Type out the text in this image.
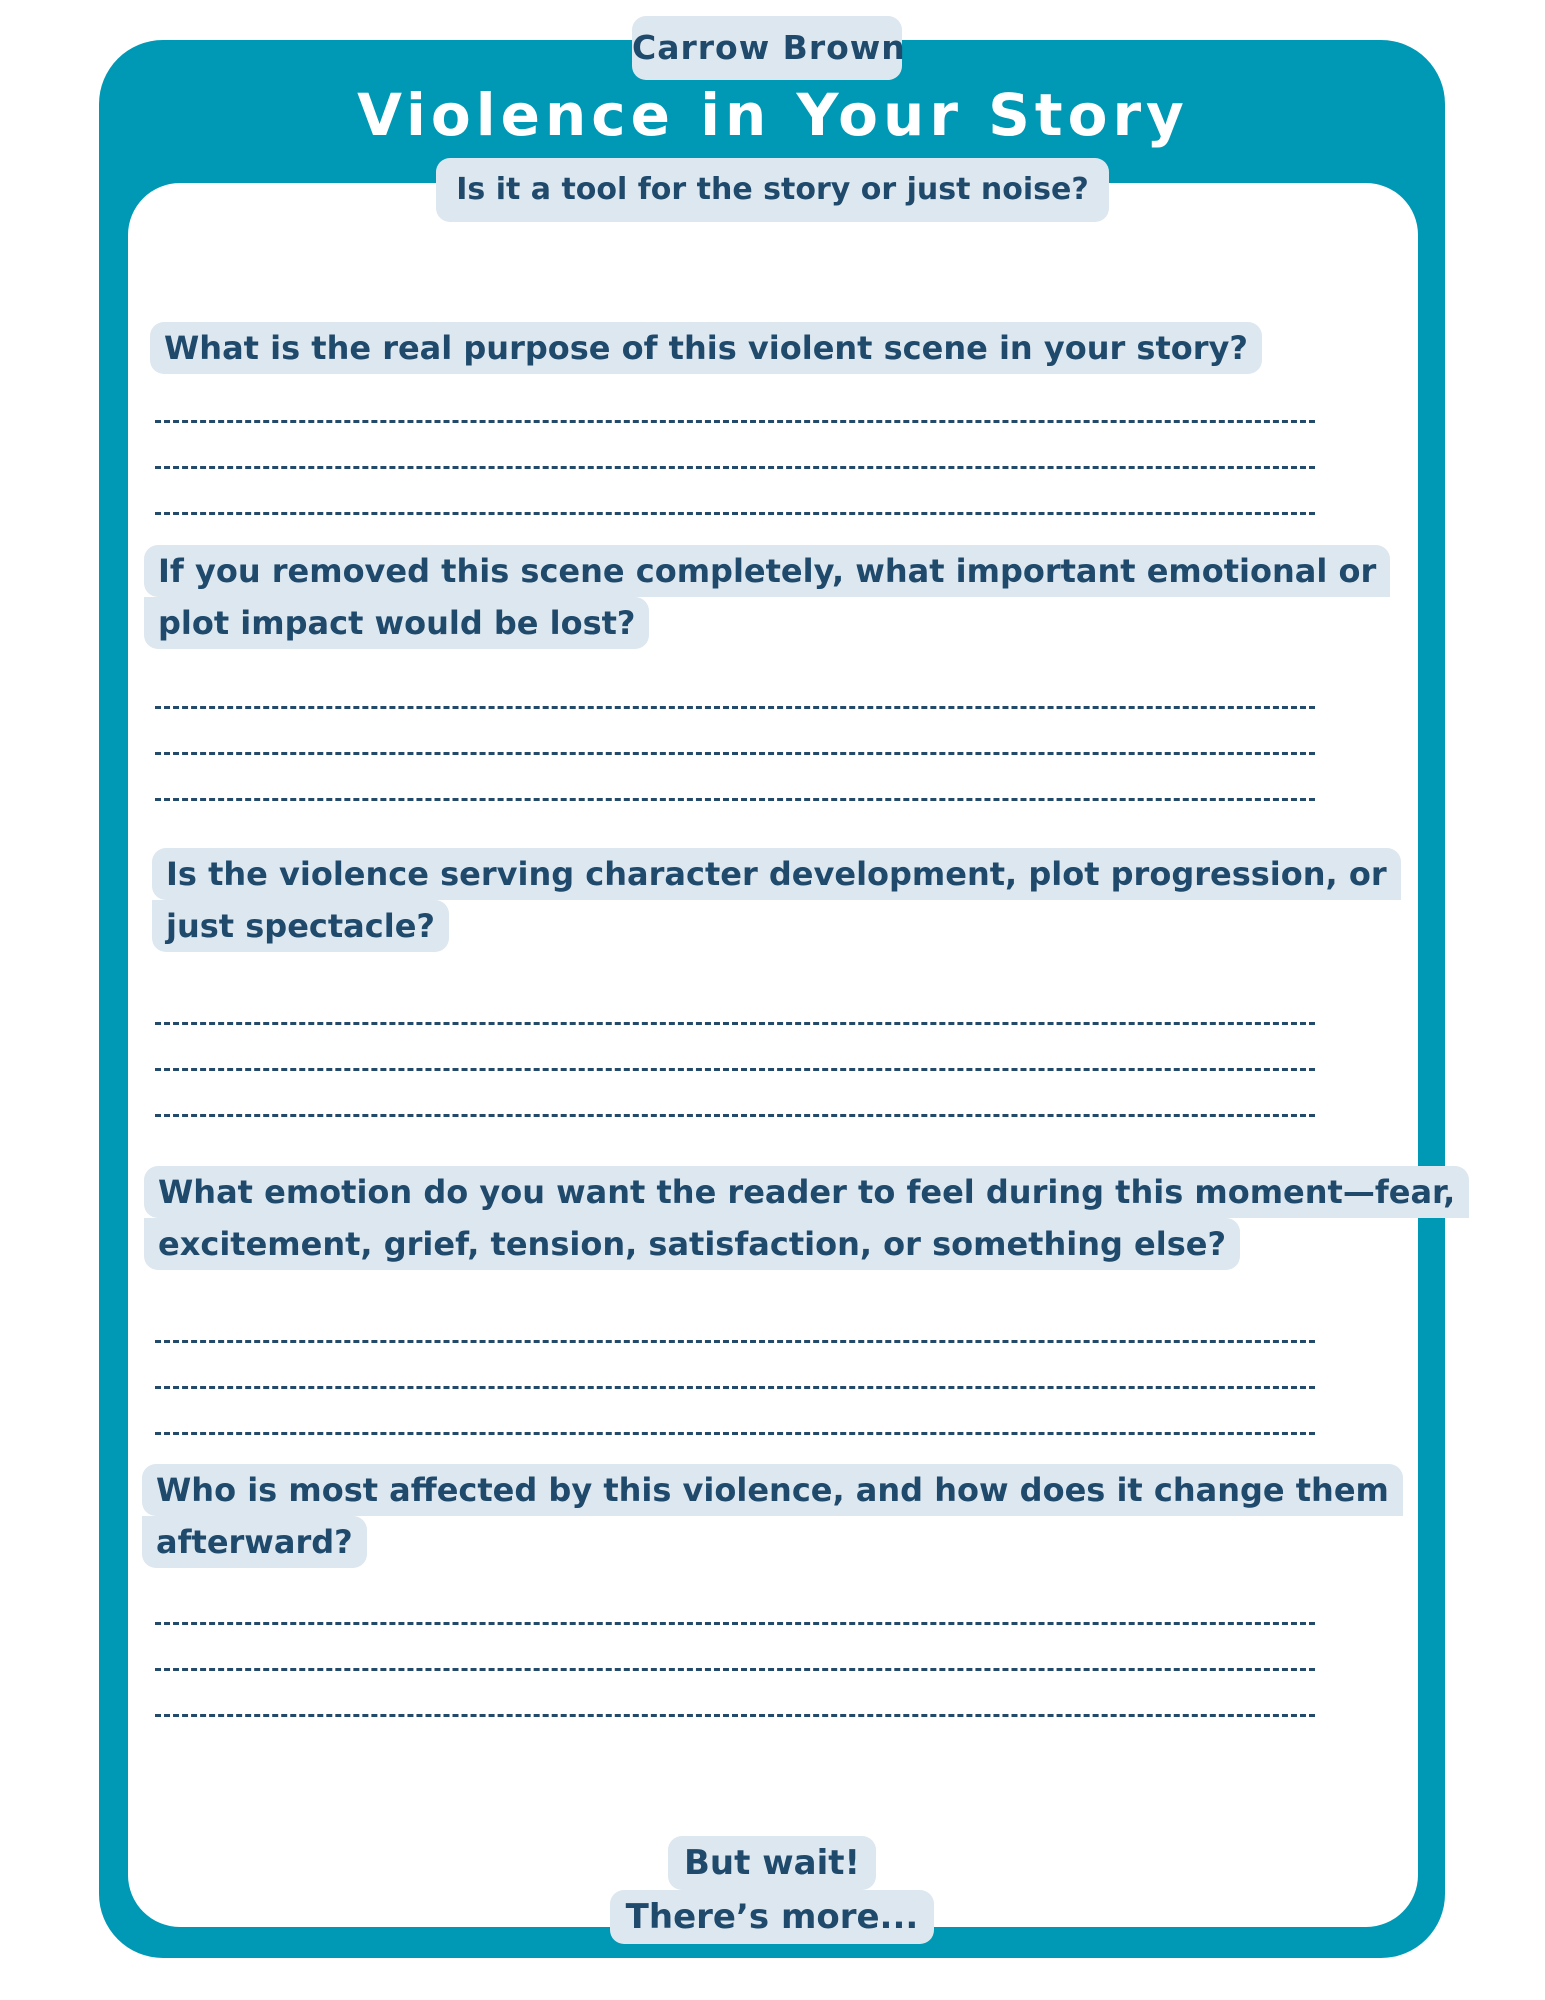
Carrow Brown
Violence in Your Story
Is it a tool for the story or just noise?
What is the real purpose of this violent scene in your story?
If you removed this scene completely, what important emotional or
plot impact would be lost?
Is the violence serving character development, plot progression, or
just spectacle?
What emotion do you want the reader to feel during this moment—fear,
excitement, grief, tension, satisfaction, or something else?
Who is most affected by this violence, and how does it change them
afterward?
But wait!
There’s more...
